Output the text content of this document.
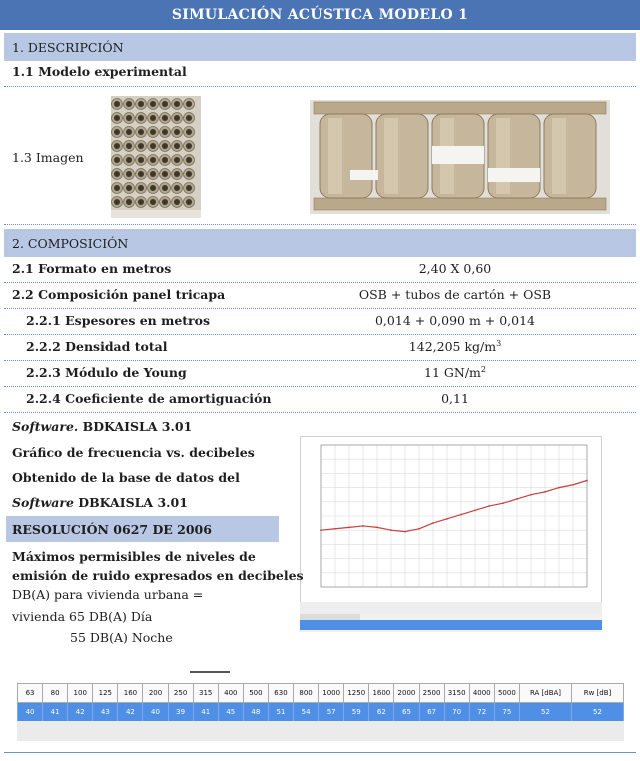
SIMULACIÓN ACÚSTICA MODELO 1
1. DESCRIPCIÓN
1.1 Modelo experimental
1.3 Imagen
2. COMPOSICIÓN
2.1 Formato en metros	2,40 X 0,60
2.2 Composición panel tricapa	OSB + tubos de cartón + OSB
2.2.1 Espesores en metros	0,014 + 0,090 m + 0,014
2.2.2 Densidad total	142,205 $kg/m^3$
2.2.3 Módulo de Young	11 $GN/m^2$
2.2.4 Coeficiente de amortiguación	0,11
Software. BDKAISLA 3.01
Gráfico de frecuencia vs. decibeles
Obtenido de la base de datos del
Software DBKAISLA 3.01
RESOLUCIÓN 0627 DE 2006
Máximos permisibles de niveles de
emisión de ruido expresados en decibeles
DB(A) para vivienda urbana =
vivienda 65 DB(A) Día
55 DB(A) Noche
63	80	100	125	160	200	250	315	400	500	630	800	1000	1250	1600	2000	2500	3150	4000	5000	RA [dBA]	Rw [dB]
40	41	42	43	42	40	39	41	45	48	51	54	57	59	62	65	67	70	72	75	52	52
